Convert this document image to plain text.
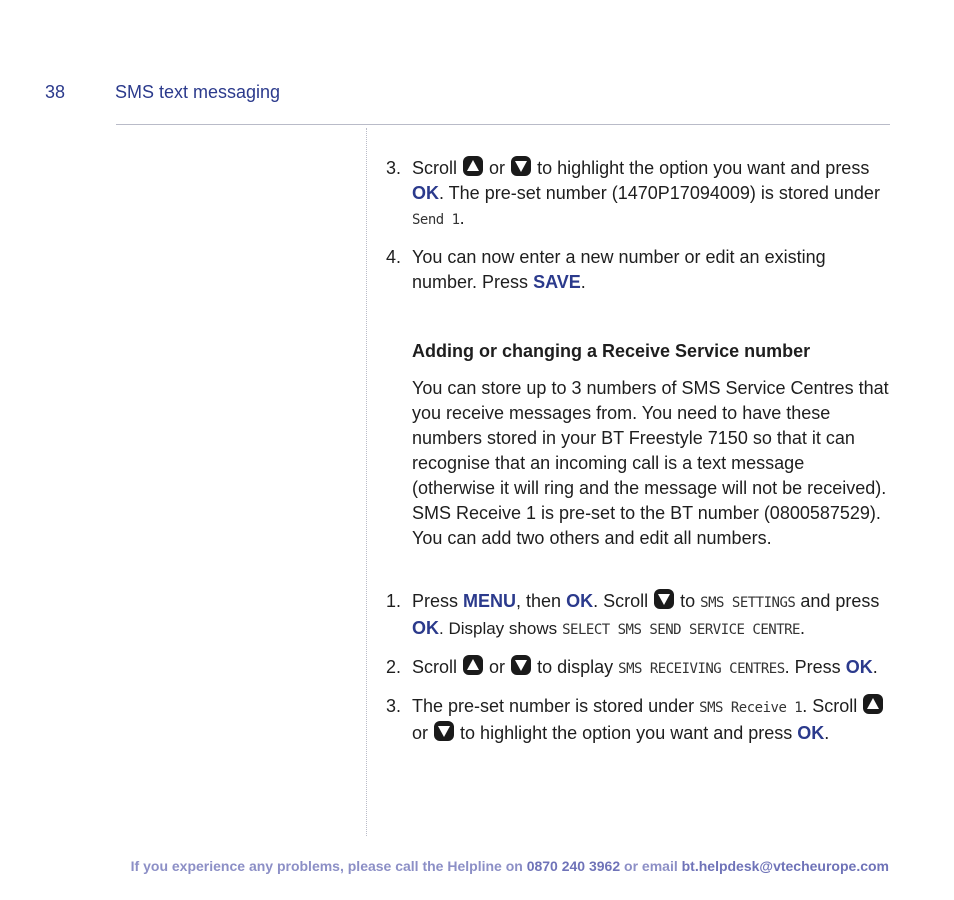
38	SMS text messaging
3. Scroll or to highlight the option you want and press OK. The pre-set number (1470P17094009) is stored under Send 1.
4. You can now enter a new number or edit an existing number. Press SAVE.
Adding or changing a Receive Service number
You can store up to 3 numbers of SMS Service Centres that you receive messages from. You need to have these numbers stored in your BT Freestyle 7150 so that it can recognise that an incoming call is a text message (otherwise it will ring and the message will not be received). SMS Receive 1 is pre-set to the BT number (0800587529). You can add two others and edit all numbers.
1. Press MENU, then OK. Scroll to SMS SETTINGS and press OK. Display shows SELECT SMS SEND SERVICE CENTRE.
2. Scroll or to display SMS RECEIVING CENTRES. Press OK.
3. The pre-set number is stored under SMS Receive 1. Scroll  or to highlight the option you want and press OK.
If you experience any problems, please call the Helpline on 0870 240 3962 or email bt.helpdesk@vtecheurope.com
